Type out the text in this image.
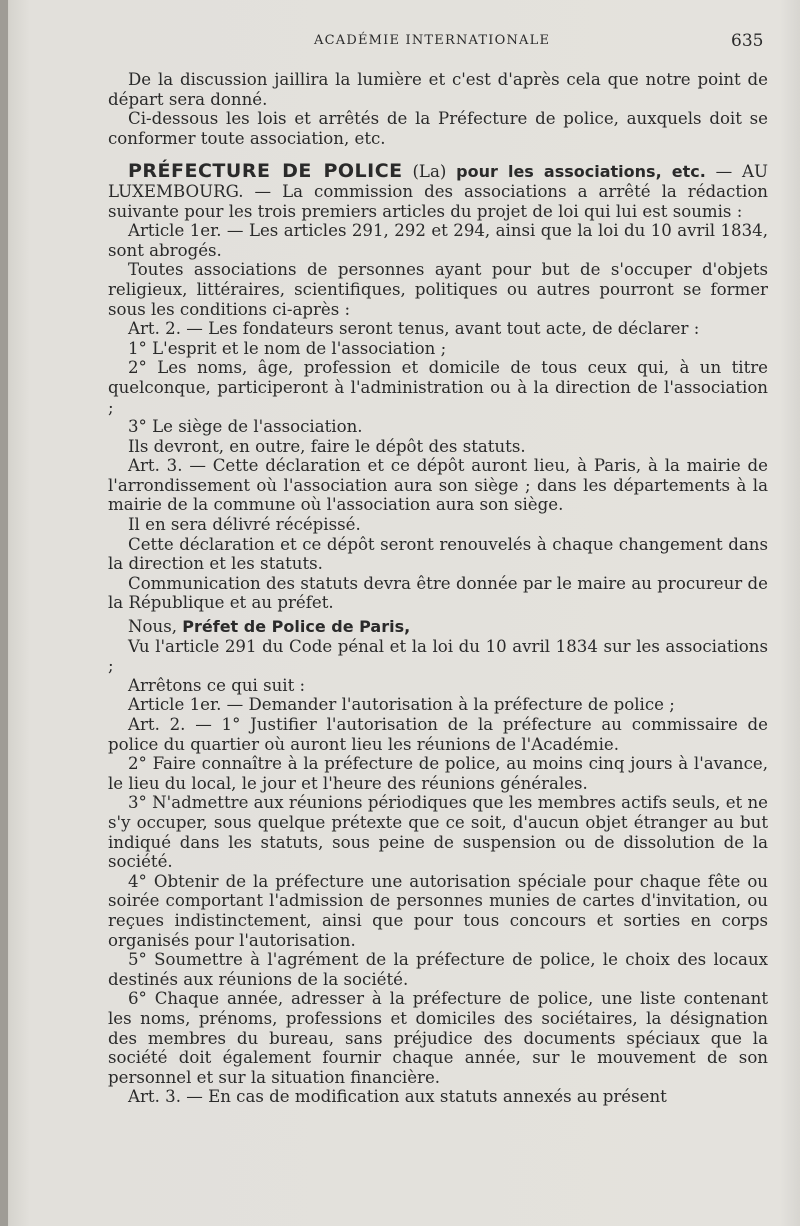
ACADÉMIE INTERNATIONALE	635

De la discussion jaillira la lumière et c'est d'après cela que notre point de départ sera donné.

Ci-dessous les lois et arrêtés de la Préfecture de police, auxquels doit se conformer toute association, etc.

PRÉFECTURE DE POLICE (La) pour les associations, etc. — AU LUXEMBOURG. — La commission des associations a arrêté la rédaction suivante pour les trois premiers articles du projet de loi qui lui est soumis :

Article 1er. — Les articles 291, 292 et 294, ainsi que la loi du 10 avril 1834, sont abrogés.

Toutes associations de personnes ayant pour but de s'occuper d'objets religieux, littéraires, scientifiques, politiques ou autres pourront se former sous les conditions ci-après :

Art. 2. — Les fondateurs seront tenus, avant tout acte, de déclarer :

1° L'esprit et le nom de l'association ;

2° Les noms, âge, profession et domicile de tous ceux qui, à un titre quelconque, participeront à l'administration ou à la direction de l'association ;

3° Le siège de l'association.

Ils devront, en outre, faire le dépôt des statuts.

Art. 3. — Cette déclaration et ce dépôt auront lieu, à Paris, à la mairie de l'arrondissement où l'association aura son siège ; dans les départements à la mairie de la commune où l'association aura son siège.

Il en sera délivré récépissé.

Cette déclaration et ce dépôt seront renouvelés à chaque changement dans la direction et les statuts.

Communication des statuts devra être donnée par le maire au procureur de la République et au préfet.

Nous, Préfet de Police de Paris,

Vu l'article 291 du Code pénal et la loi du 10 avril 1834 sur les associations ;

Arrêtons ce qui suit :

Article 1er. — Demander l'autorisation à la préfecture de police ;

Art. 2. — 1° Justifier l'autorisation de la préfecture au commissaire de police du quartier où auront lieu les réunions de l'Académie.

2° Faire connaître à la préfecture de police, au moins cinq jours à l'avance, le lieu du local, le jour et l'heure des réunions générales.

3° N'admettre aux réunions périodiques que les membres actifs seuls, et ne s'y occuper, sous quelque prétexte que ce soit, d'aucun objet étranger au but indiqué dans les statuts, sous peine de suspension ou de dissolution de la société.

4° Obtenir de la préfecture une autorisation spéciale pour chaque fête ou soirée comportant l'admission de personnes munies de cartes d'invitation, ou reçues indistinctement, ainsi que pour tous concours et sorties en corps organisés pour l'autorisation.

5° Soumettre à l'agrément de la préfecture de police, le choix des locaux destinés aux réunions de la société.

6° Chaque année, adresser à la préfecture de police, une liste contenant les noms, prénoms, professions et domiciles des sociétaires, la désignation des membres du bureau, sans préjudice des documents spéciaux que la société doit également fournir chaque année, sur le mouvement de son personnel et sur la situation financière.

Art. 3. — En cas de modification aux statuts annexés au présent
